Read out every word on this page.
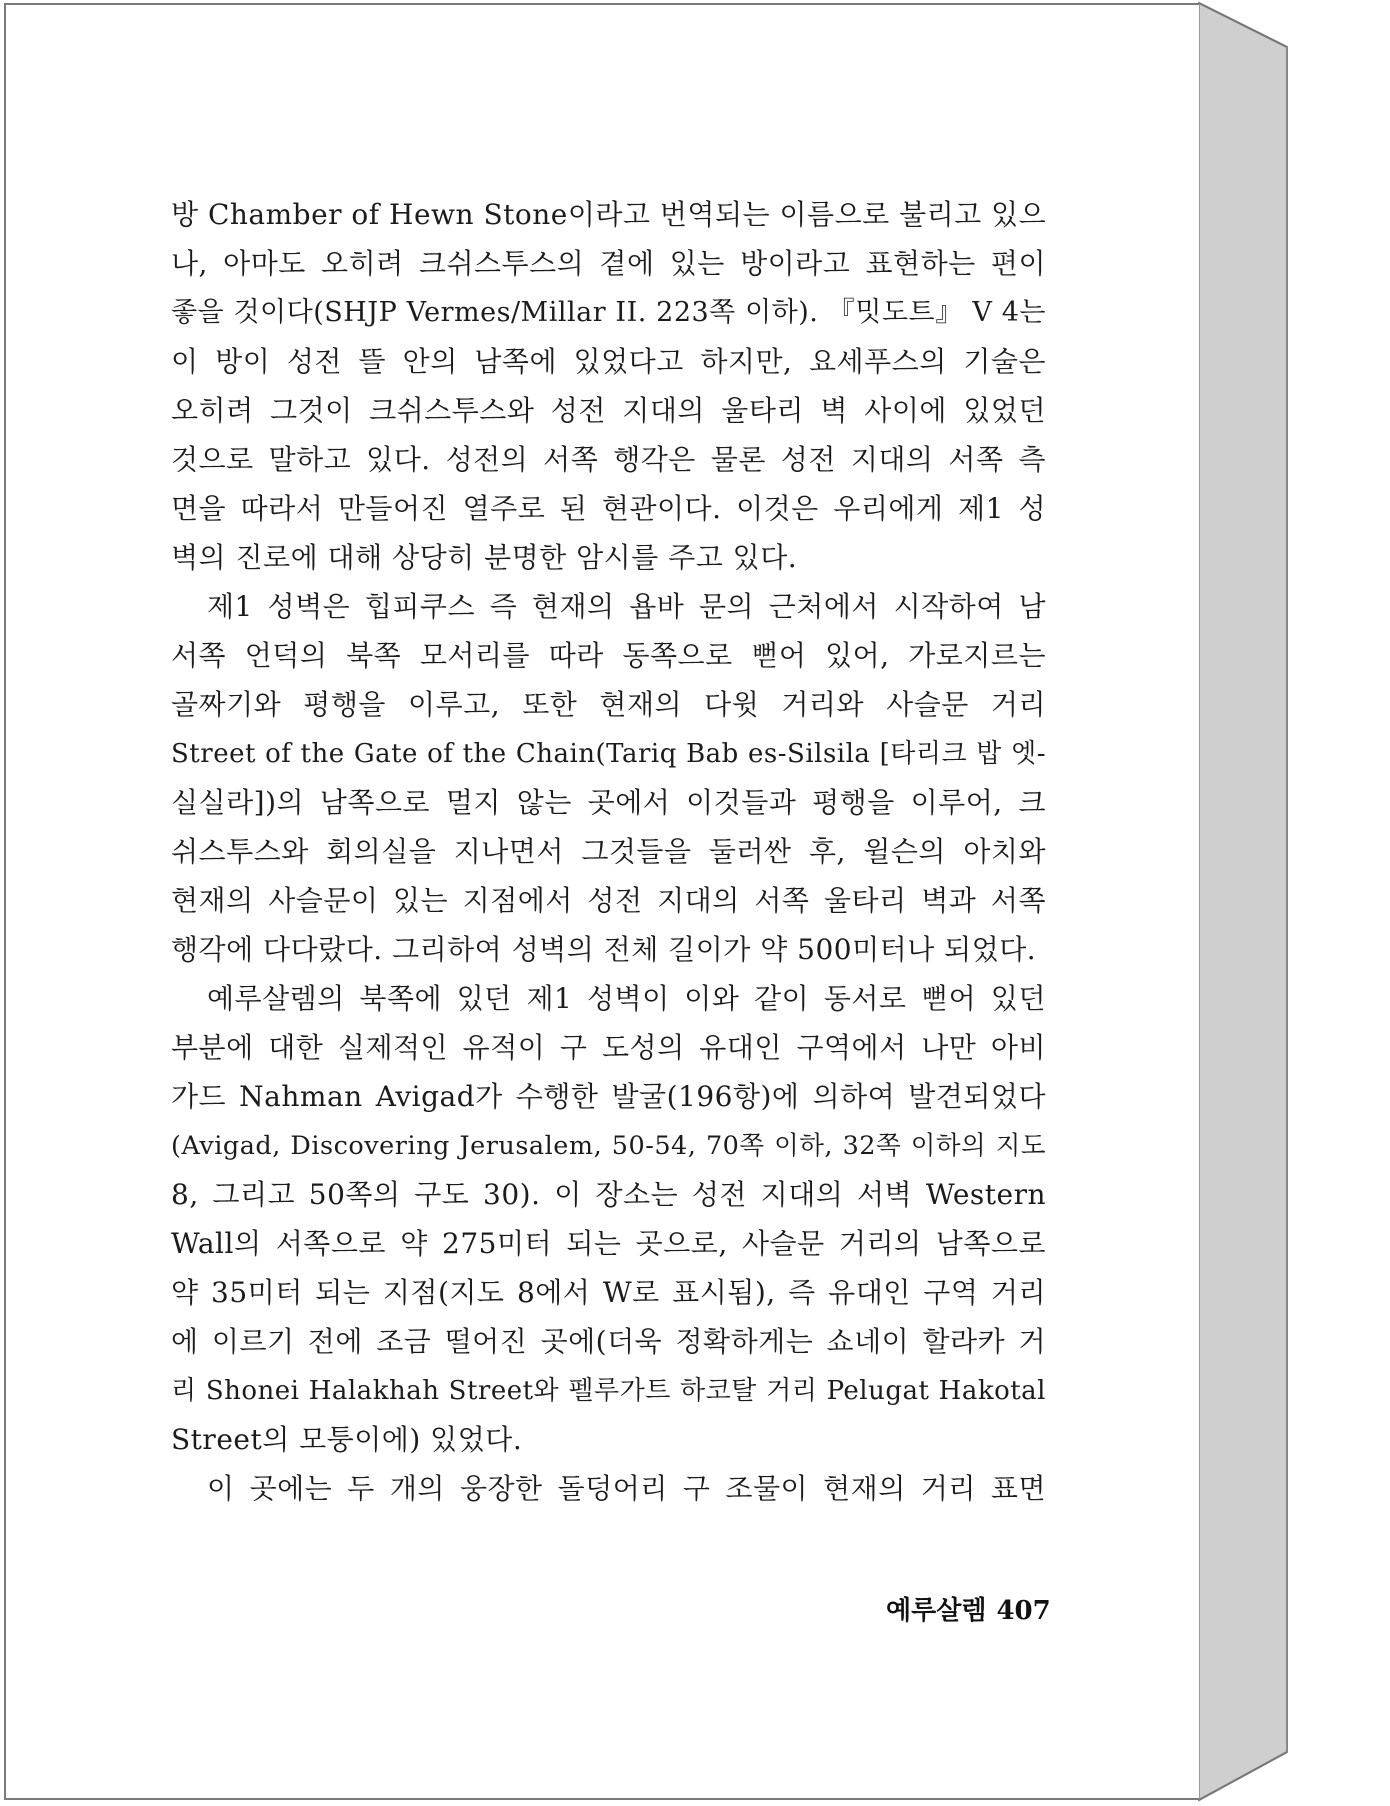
방 Chamber of Hewn Stone이라고 번역되는 이름으로 불리고 있으
나, 아마도 오히려 크쉬스투스의 곁에 있는 방이라고 표현하는 편이
좋을 것이다(SHJP Vermes/Millar II. 223쪽 이하). 『밋도트』 V 4는
이 방이 성전 뜰 안의 남쪽에 있었다고 하지만, 요세푸스의 기술은
오히려 그것이 크쉬스투스와 성전 지대의 울타리 벽 사이에 있었던
것으로 말하고 있다. 성전의 서쪽 행각은 물론 성전 지대의 서쪽 측
면을 따라서 만들어진 열주로 된 현관이다. 이것은 우리에게 제1 성
벽의 진로에 대해 상당히 분명한 암시를 주고 있다.
제1 성벽은 힙피쿠스 즉 현재의 욥바 문의 근처에서 시작하여 남
서쪽 언덕의 북쪽 모서리를 따라 동쪽으로 뻗어 있어, 가로지르는
골짜기와 평행을 이루고, 또한 현재의 다윗 거리와 사슬문 거리
Street of the Gate of the Chain(Tariq Bab es-Silsila [타리크 밥 엣-
실실라])의 남쪽으로 멀지 않는 곳에서 이것들과 평행을 이루어, 크
쉬스투스와 회의실을 지나면서 그것들을 둘러싼 후, 윌슨의 아치와
현재의 사슬문이 있는 지점에서 성전 지대의 서쪽 울타리 벽과 서쪽
행각에 다다랐다. 그리하여 성벽의 전체 길이가 약 500미터나 되었다.
예루살렘의 북쪽에 있던 제1 성벽이 이와 같이 동서로 뻗어 있던
부분에 대한 실제적인 유적이 구 도성의 유대인 구역에서 나만 아비
가드 Nahman Avigad가 수행한 발굴(196항)에 의하여 발견되었다
(Avigad, Discovering Jerusalem, 50-54, 70쪽 이하, 32쪽 이하의 지도
8, 그리고 50쪽의 구도 30). 이 장소는 성전 지대의 서벽 Western
Wall의 서쪽으로 약 275미터 되는 곳으로, 사슬문 거리의 남쪽으로
약 35미터 되는 지점(지도 8에서 W로 표시됨), 즉 유대인 구역 거리
에 이르기 전에 조금 떨어진 곳에(더욱 정확하게는 쇼네이 할라카 거
리 Shonei Halakhah Street와 펠루가트 하코탈 거리 Pelugat Hakotal
Street의 모퉁이에) 있었다.
이 곳에는 두 개의 웅장한 돌덩어리 구 조물이 현재의 거리 표면
예루살렘 407
